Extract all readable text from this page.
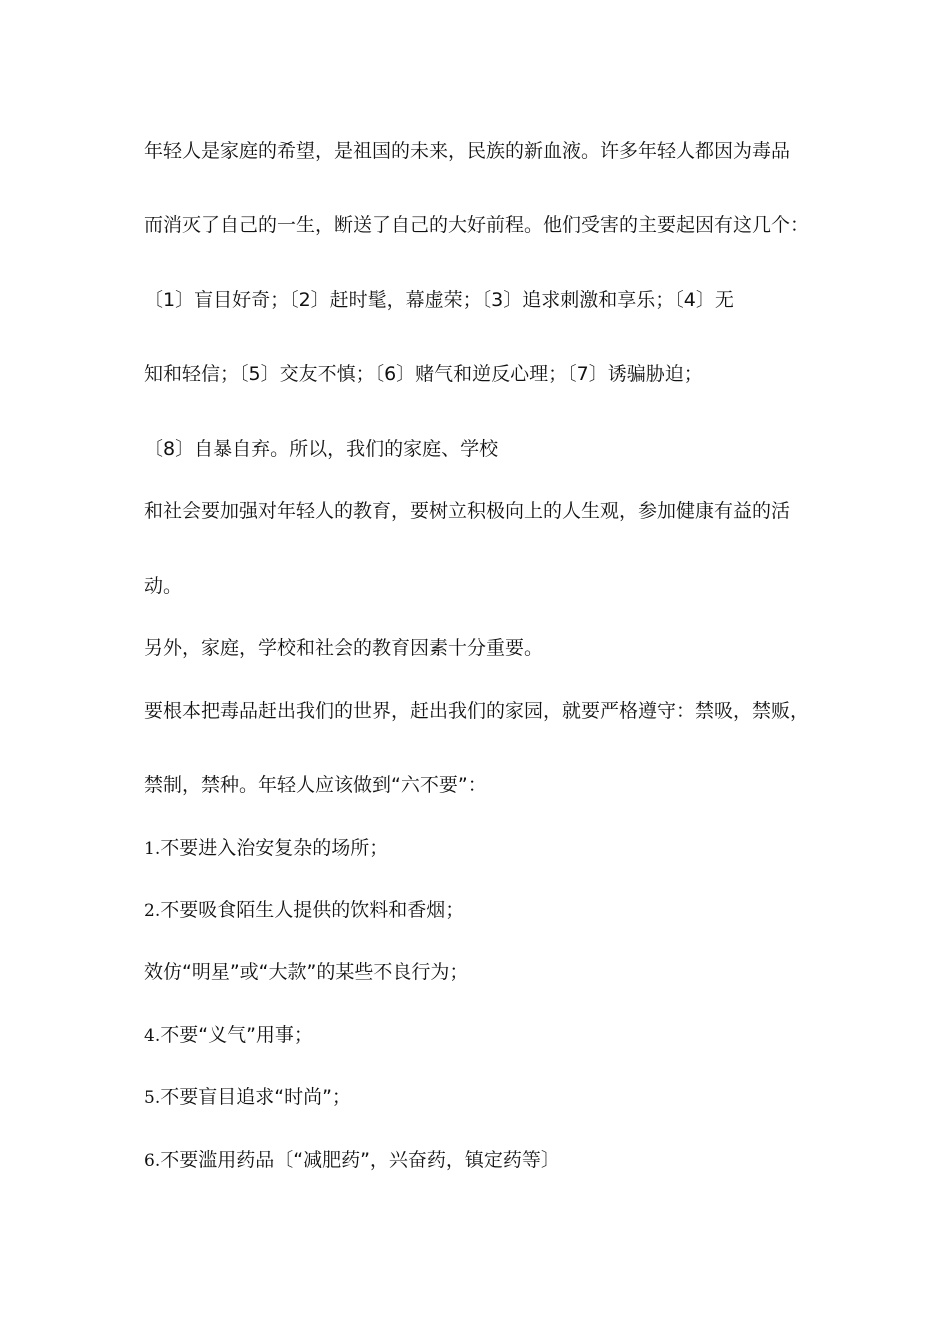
年轻人是家庭的希望，是祖国的未来，民族的新血液。许多年轻人都因为毒品
而消灭了自己的一生，断送了自己的大好前程。他们受害的主要起因有这几个：
〔1〕盲目好奇；〔2〕赶时髦，幕虚荣；〔3〕追求刺激和享乐；〔4〕无
知和轻信；〔5〕交友不慎；〔6〕赌气和逆反心理；〔7〕诱骗胁迫；
〔8〕自暴自弃。所以，我们的家庭、学校
和社会要加强对年轻人的教育，要树立积极向上的人生观，参加健康有益的活
动。
另外，家庭，学校和社会的教育因素十分重要。
要根本把毒品赶出我们的世界，赶出我们的家园，就要严格遵守：禁吸，禁贩，
禁制，禁种。年轻人应该做到“六不要”：
1.不要进入治安复杂的场所；
2.不要吸食陌生人提供的饮料和香烟；
效仿“明星”或“大款”的某些不良行为；
4.不要“义气”用事；
5.不要盲目追求“时尚”；
6.不要滥用药品〔“减肥药”，兴奋药，镇定药等〕
